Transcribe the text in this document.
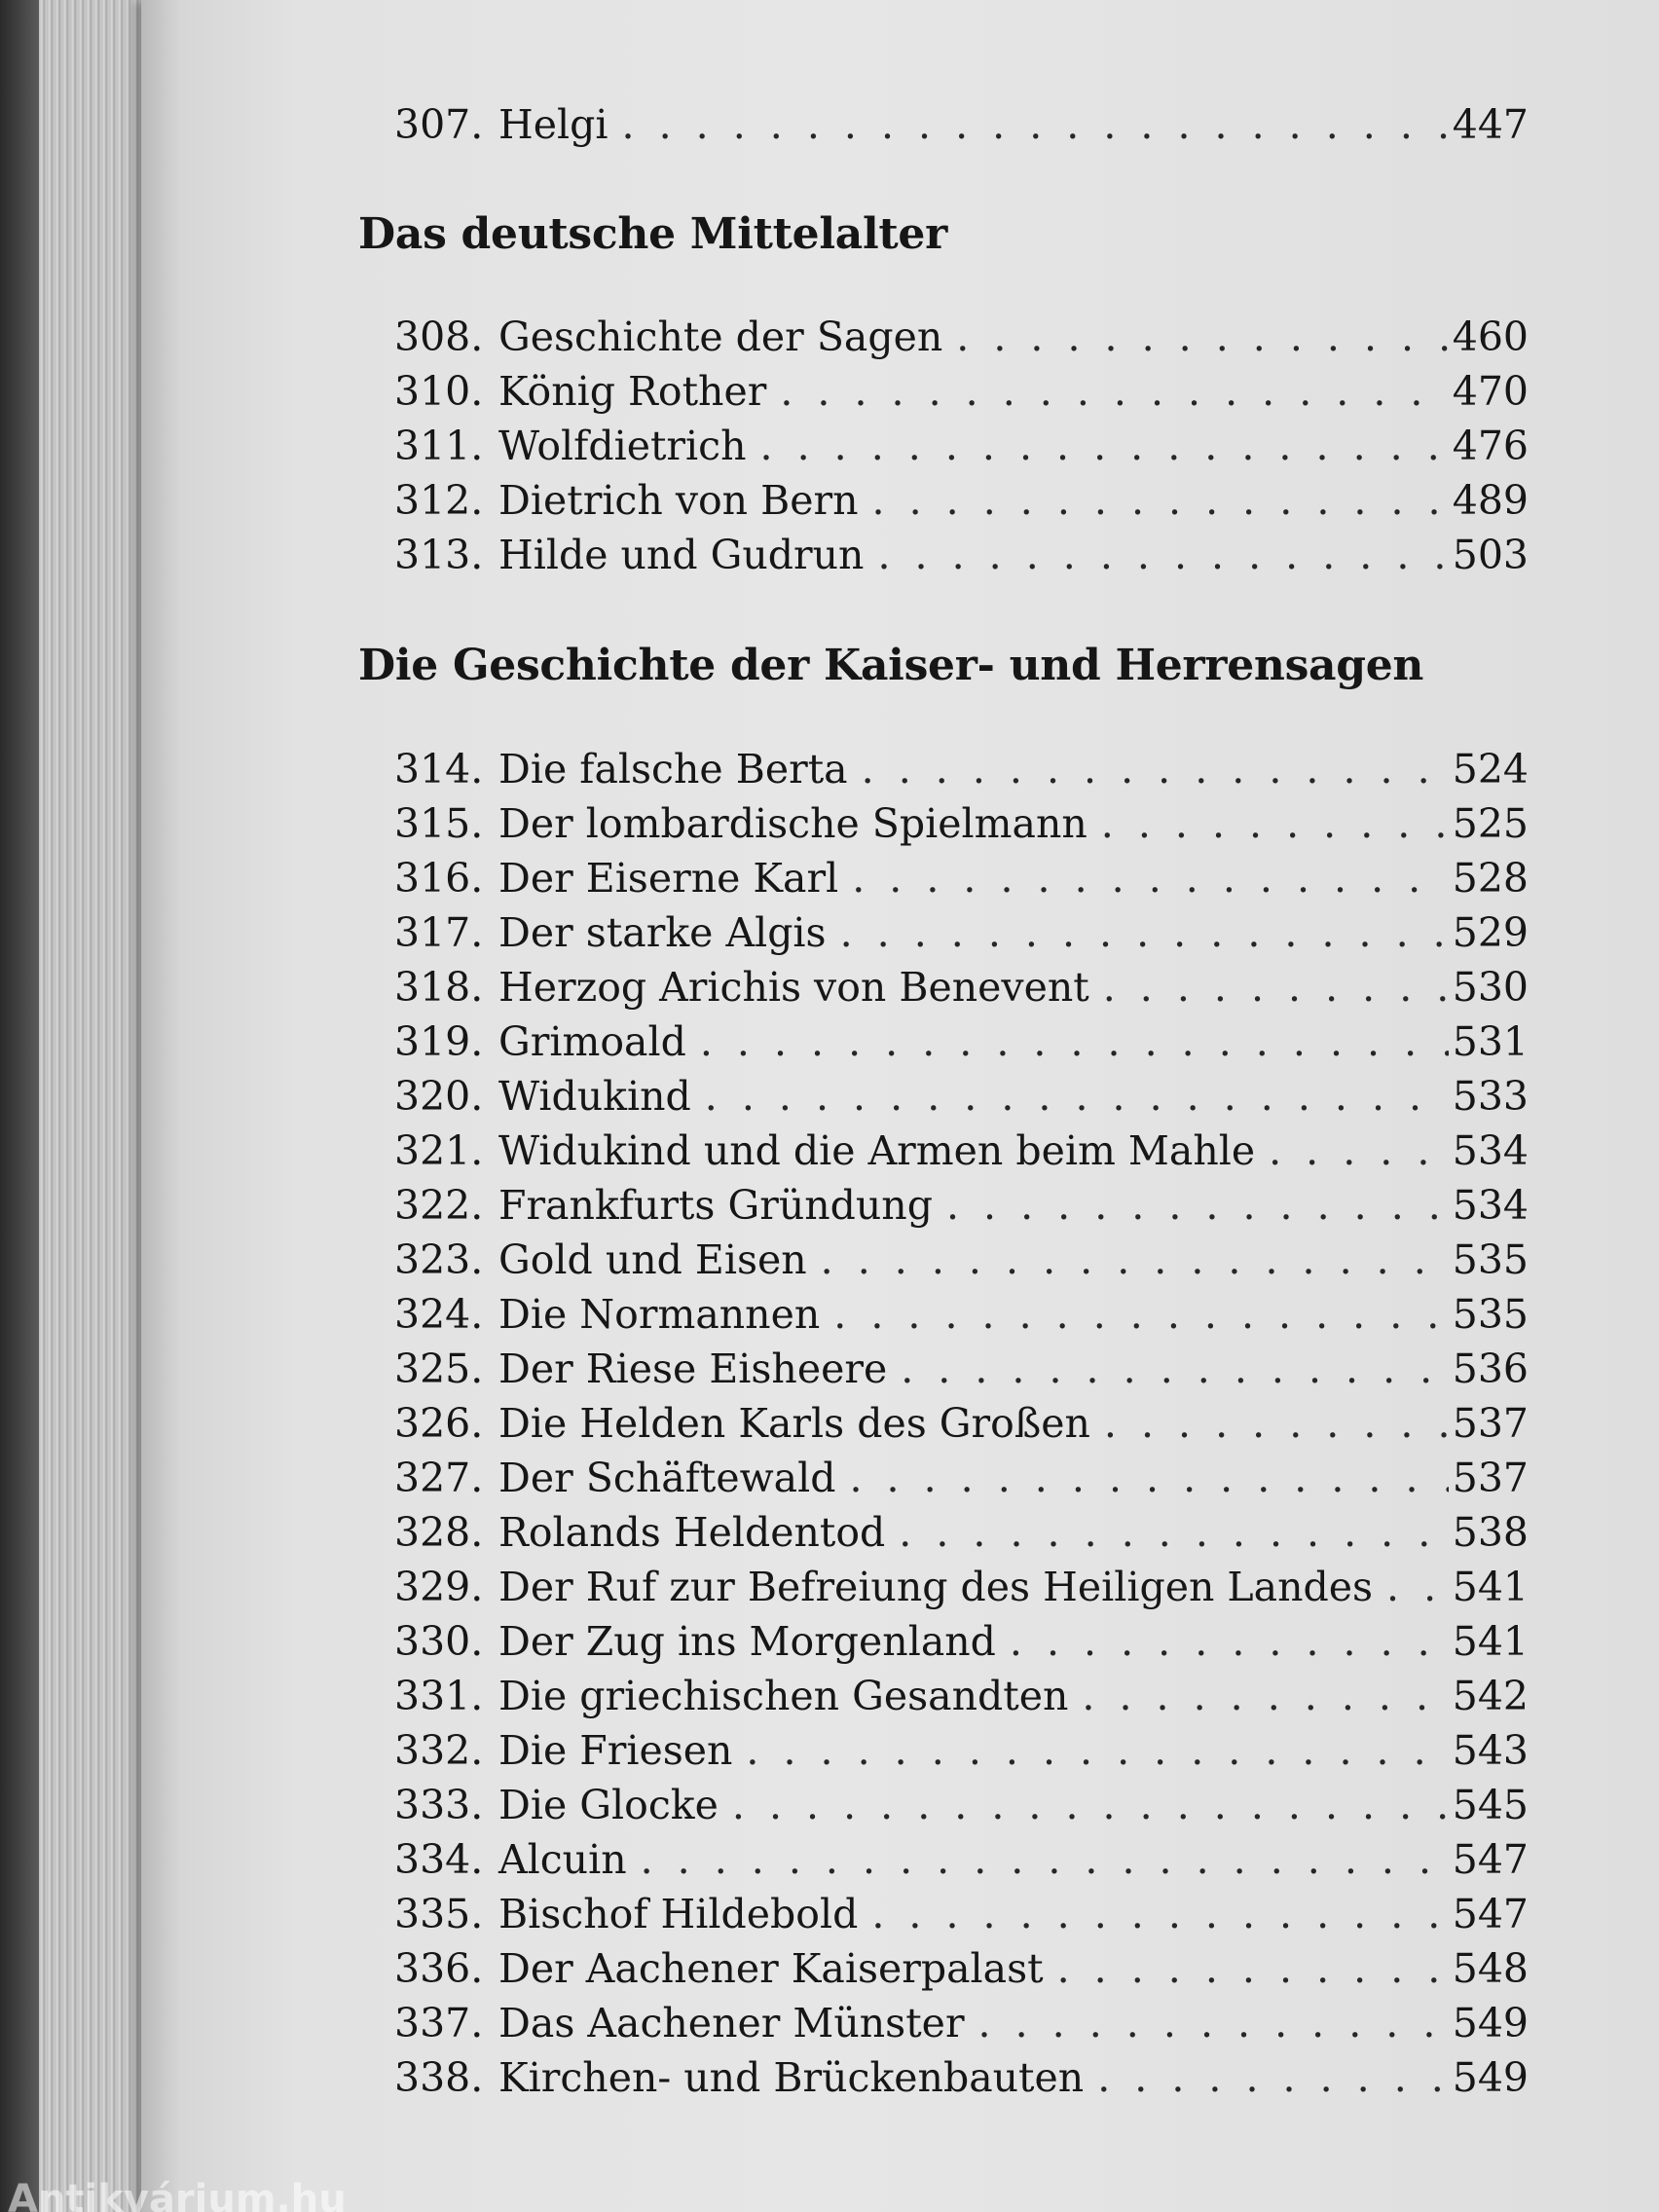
307. Helgi . . .	447
Das deutsche Mittelalter
308. Geschichte der Sagen . . .	460
310. König Rother . . .	470
311. Wolfdietrich . . .	476
312. Dietrich von Bern . . .	489
313. Hilde und Gudrun . . .	503
Die Geschichte der Kaiser- und Herrensagen
314. Die falsche Berta . . .	524
315. Der lombardische Spielmann . . .	525
316. Der Eiserne Karl . . .	528
317. Der starke Algis . . .	529
318. Herzog Arichis von Benevent . . .	530
319. Grimoald . . .	531
320. Widukind . . .	533
321. Widukind und die Armen beim Mahle . . .	534
322. Frankfurts Gründung . . .	534
323. Gold und Eisen . . .	535
324. Die Normannen . . .	535
325. Der Riese Eisheere . . .	536
326. Die Helden Karls des Großen . . .	537
327. Der Schäftewald . . .	537
328. Rolands Heldentod . . .	538
329. Der Ruf zur Befreiung des Heiligen Landes . . .	541
330. Der Zug ins Morgenland . . .	541
331. Die griechischen Gesandten . . .	542
332. Die Friesen . . .	543
333. Die Glocke . . .	545
334. Alcuin . . .	547
335. Bischof Hildebold . . .	547
336. Der Aachener Kaiserpalast . . .	548
337. Das Aachener Münster . . .	549
338. Kirchen- und Brückenbauten . . .	549
Antikvárium.hu
